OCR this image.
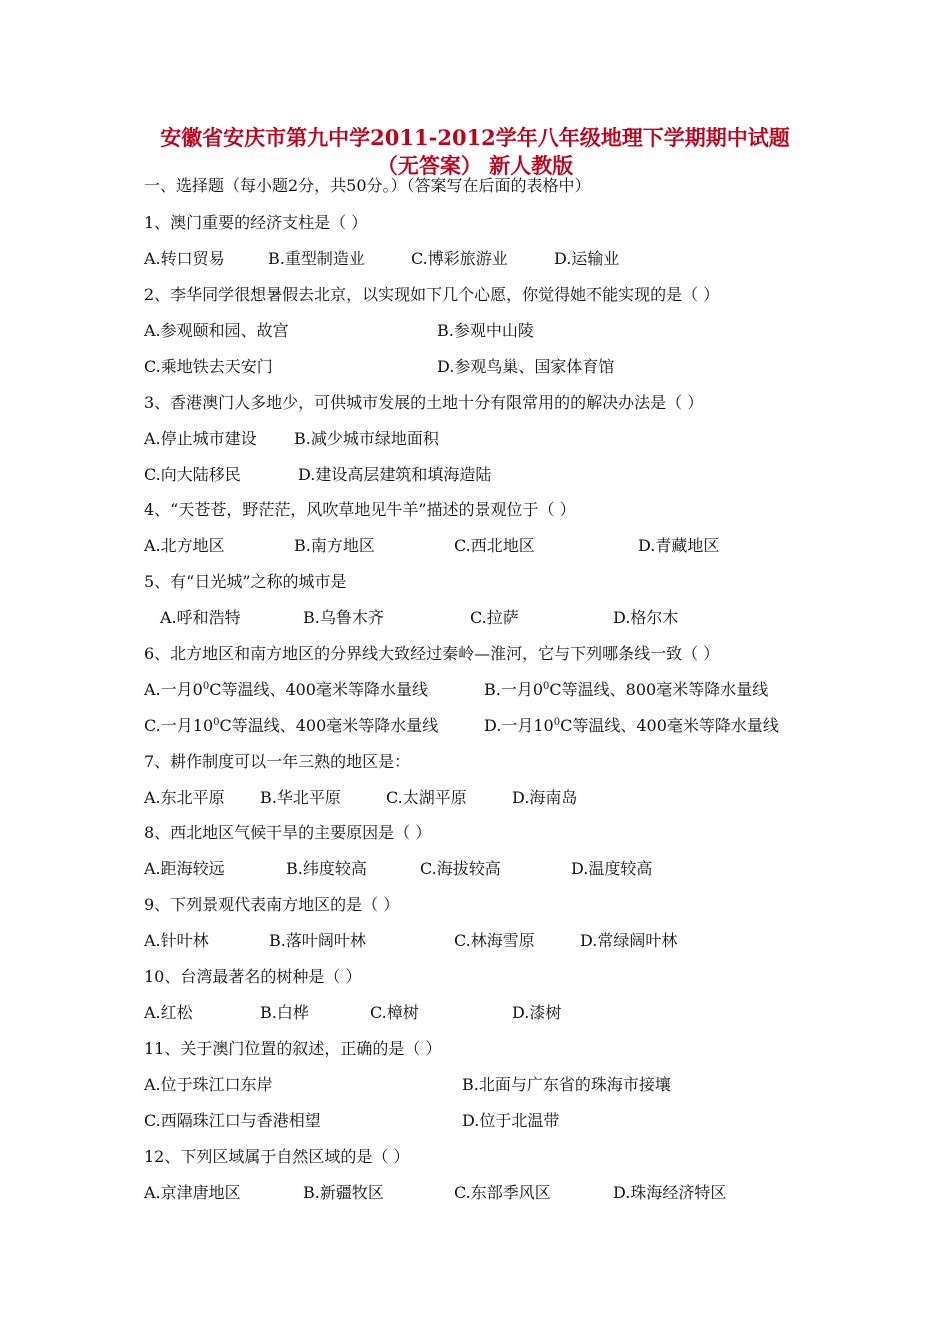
安徽省安庆市第九中学2011-2012学年八年级地理下学期期中试题
（无答案） 新人教版
一、选择题（每小题2分，共50分。）（答案写在后面的表格中）
1、澳门重要的经济支柱是（ ）
A.转口贸易	B.重型制造业	C.博彩旅游业	D.运输业
2、李华同学很想暑假去北京，以实现如下几个心愿，你觉得她不能实现的是（ ）
A.参观颐和园、故宫	B.参观中山陵
C.乘地铁去天安门	D.参观鸟巢、国家体育馆
3、香港澳门人多地少，可供城市发展的土地十分有限常用的的解决办法是（ ）
A.停止城市建设 B.减少城市绿地面积
C.向大陆移民	D.建设高层建筑和填海造陆
4、“天苍苍，野茫茫，风吹草地见牛羊”描述的景观位于（ ）
A.北方地区	B.南方地区	C.西北地区	D.青藏地区
5、有“日光城”之称的城市是
A.呼和浩特	B.乌鲁木齐	C.拉萨	D.格尔木
6、北方地区和南方地区的分界线大致经过秦岭—淮河，它与下列哪条线一致（ ）
A.一月$0^0C$等温线、400毫米等降水量线	B.一月$0^0C$等温线、800毫米等降水量线
C.一月$10^0C$等温线、400毫米等降水量线	D.一月$10^0C$等温线、400毫米等降水量线
7、耕作制度可以一年三熟的地区是：
A.东北平原 B.华北平原	C.太湖平原	D.海南岛
8、西北地区气候干旱的主要原因是（ ）
A.距海较远	B.纬度较高	C.海拔较高	D.温度较高
9、下列景观代表南方地区的是（ ）
A.针叶林	B.落叶阔叶林	C.林海雪原	D.常绿阔叶林
10、台湾最著名的树种是（ ）
A.红松	B.白桦	C.樟树	D.漆树
11、关于澳门位置的叙述，正确的是（ ）
A.位于珠江口东岸	B.北面与广东省的珠海市接壤
C.西隔珠江口与香港相望	D.位于北温带
12、下列区域属于自然区域的是（ ）
A.京津唐地区	B.新疆牧区	C.东部季风区	D.珠海经济特区
